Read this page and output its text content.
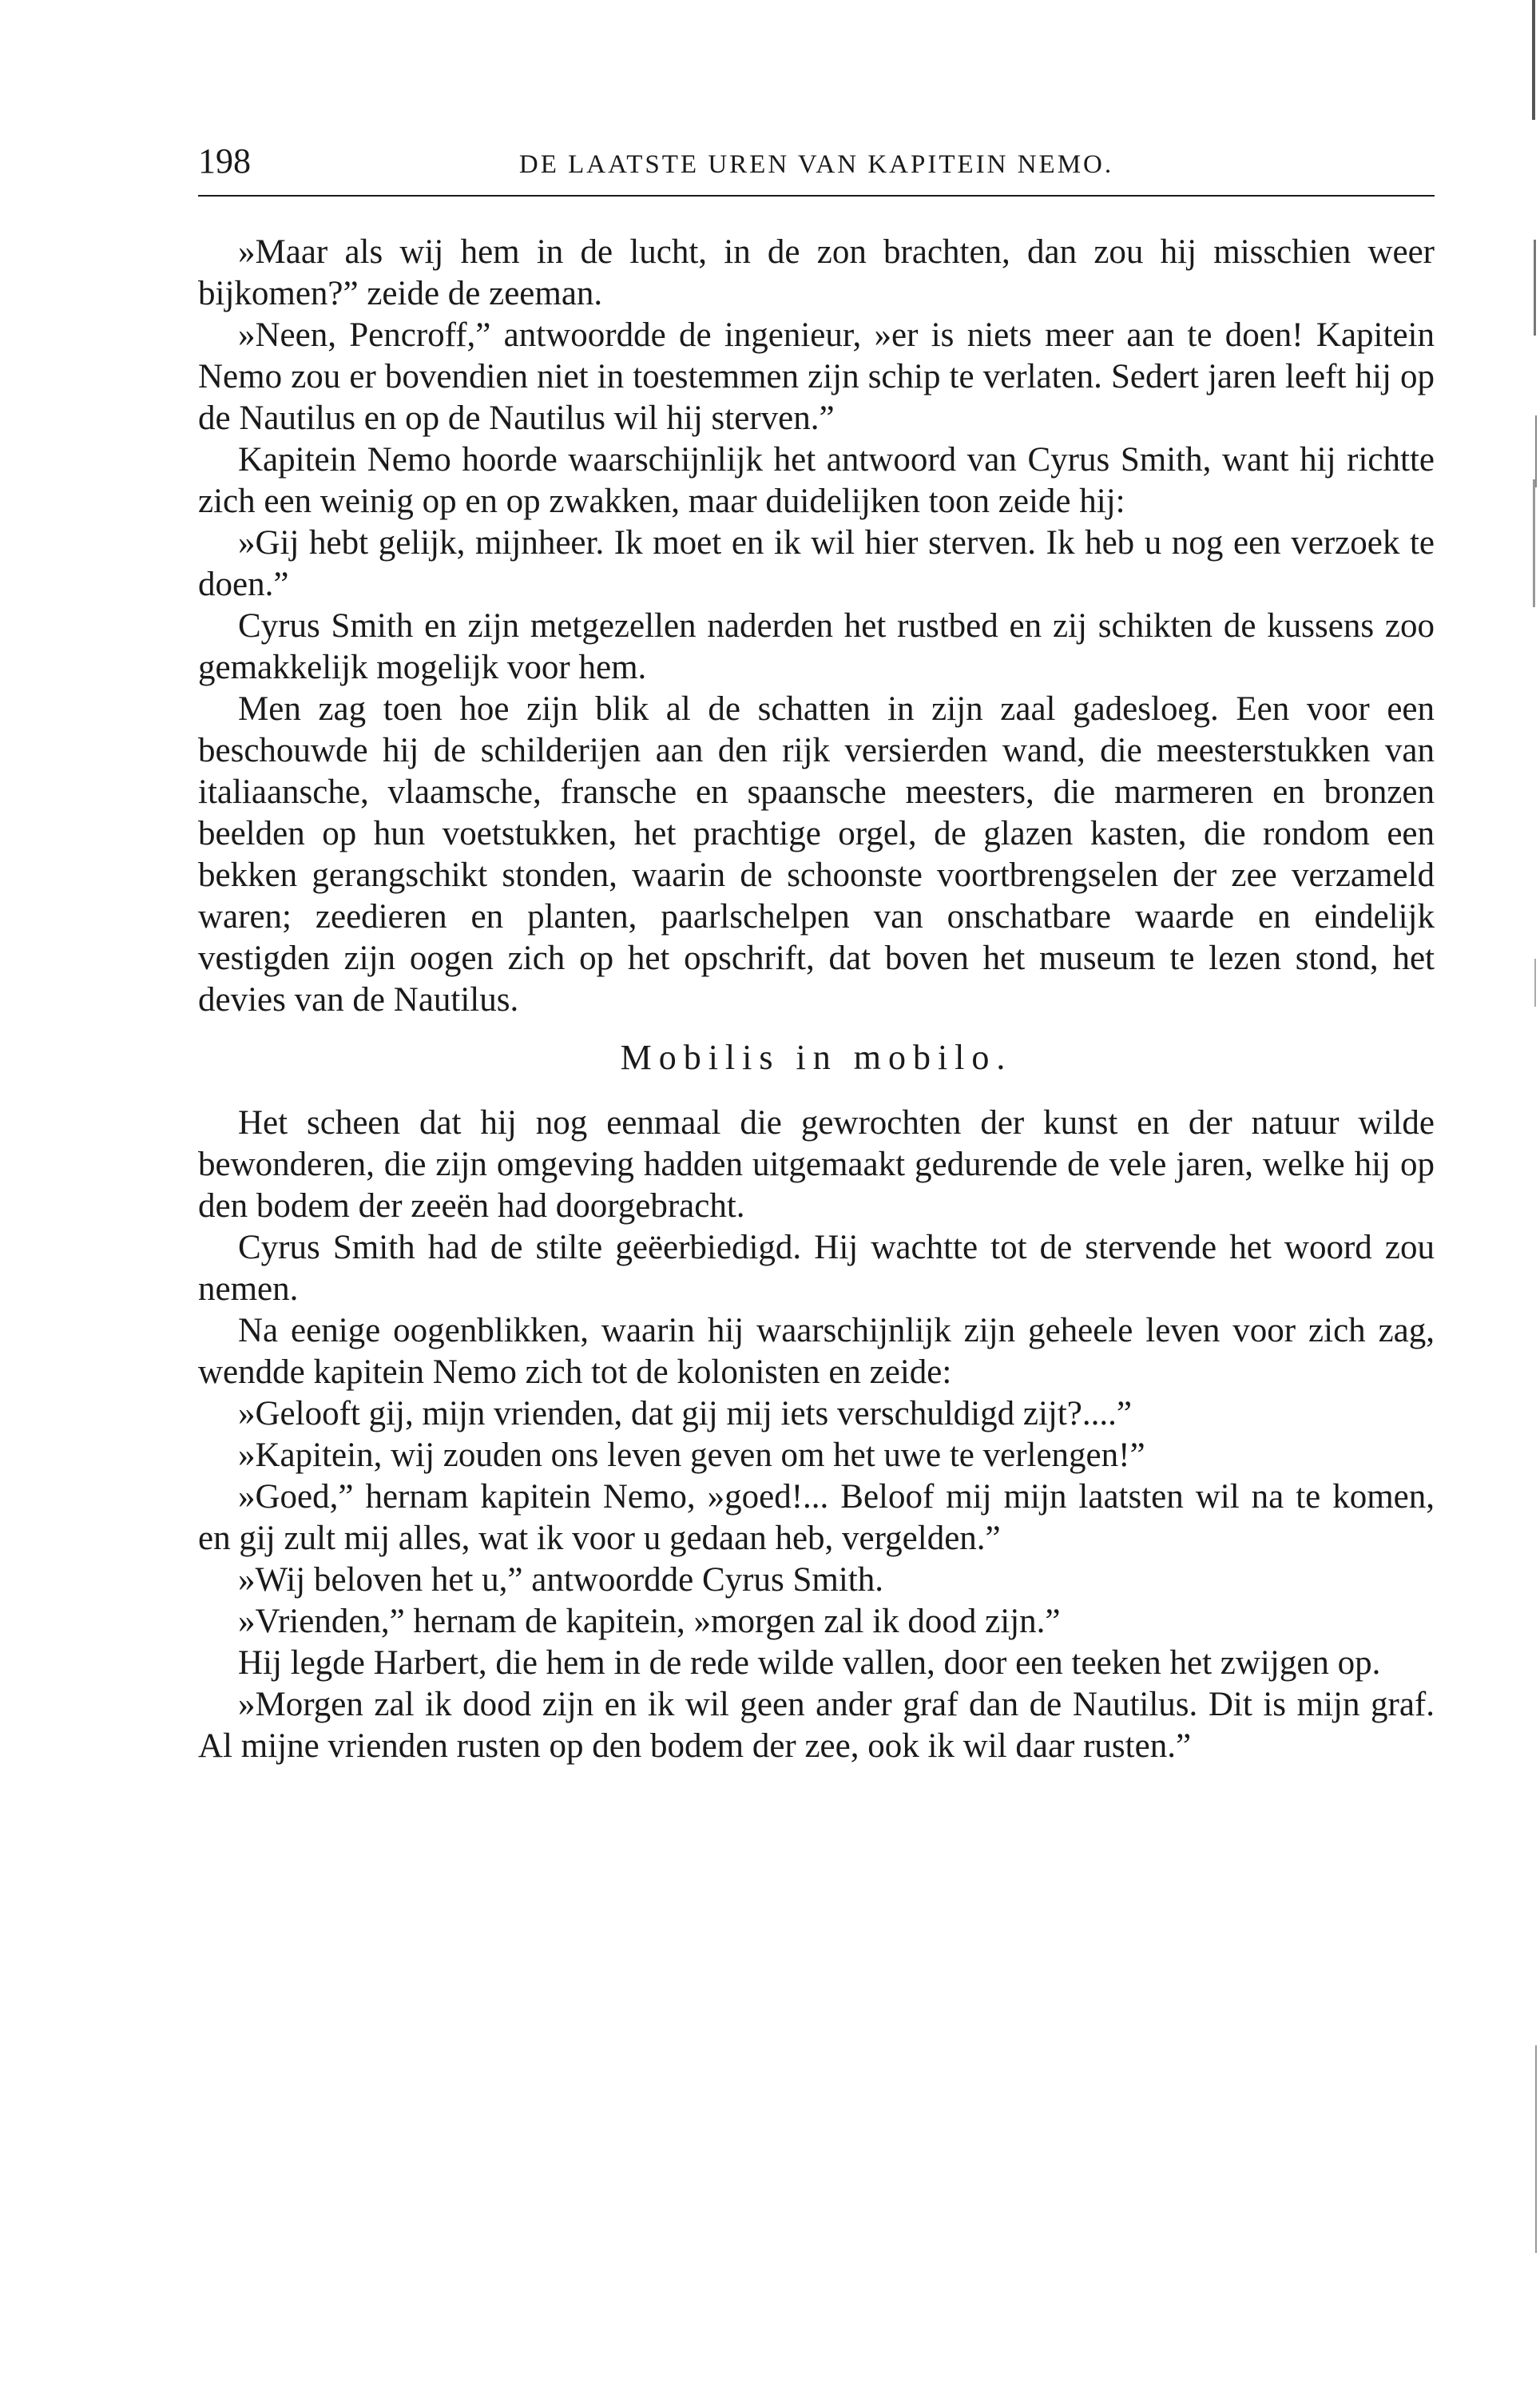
198	DE LAATSTE UREN VAN KAPITEIN NEMO.

»Maar als wij hem in de lucht, in de zon brachten, dan zou hij misschien weer bijkomen?” zeide de zeeman.

»Neen, Pencroff,” antwoordde de ingenieur, »er is niets meer aan te doen! Kapitein Nemo zou er bovendien niet in toestemmen zijn schip te verlaten. Sedert jaren leeft hij op de Nautilus en op de Nautilus wil hij sterven.”

Kapitein Nemo hoorde waarschijnlijk het antwoord van Cyrus Smith, want hij richtte zich een weinig op en op zwakken, maar duidelijken toon zeide hij:

»Gij hebt gelijk, mijnheer. Ik moet en ik wil hier sterven. Ik heb u nog een verzoek te doen.”

Cyrus Smith en zijn metgezellen naderden het rustbed en zij schikten de kussens zoo gemakkelijk mogelijk voor hem.

Men zag toen hoe zijn blik al de schatten in zijn zaal gadesloeg. Een voor een beschouwde hij de schilderijen aan den rijk versierden wand, die meesterstukken van italiaansche, vlaamsche, fransche en spaansche meesters, die marmeren en bronzen beelden op hun voetstukken, het prachtige orgel, de glazen kasten, die rondom een bekken gerangschikt stonden, waarin de schoonste voortbrengselen der zee verzameld waren; zeedieren en planten, paarlschelpen van onschatbare waarde en eindelijk vestigden zijn oogen zich op het opschrift, dat boven het museum te lezen stond, het devies van de Nautilus.

Mobilis in mobilo.

Het scheen dat hij nog eenmaal die gewrochten der kunst en der natuur wilde bewonderen, die zijn omgeving hadden uitgemaakt gedurende de vele jaren, welke hij op den bodem der zeeën had doorgebracht.

Cyrus Smith had de stilte geëerbiedigd. Hij wachtte tot de stervende het woord zou nemen.

Na eenige oogenblikken, waarin hij waarschijnlijk zijn geheele leven voor zich zag, wendde kapitein Nemo zich tot de kolonisten en zeide:

»Gelooft gij, mijn vrienden, dat gij mij iets verschuldigd zijt?....”

»Kapitein, wij zouden ons leven geven om het uwe te verlengen!”

»Goed,” hernam kapitein Nemo, »goed!... Beloof mij mijn laatsten wil na te komen, en gij zult mij alles, wat ik voor u gedaan heb, vergelden.”

»Wij beloven het u,” antwoordde Cyrus Smith.

»Vrienden,” hernam de kapitein, »morgen zal ik dood zijn.”

Hij legde Harbert, die hem in de rede wilde vallen, door een teeken het zwijgen op.

»Morgen zal ik dood zijn en ik wil geen ander graf dan de Nautilus. Dit is mijn graf. Al mijne vrienden rusten op den bodem der zee, ook ik wil daar rusten.”
